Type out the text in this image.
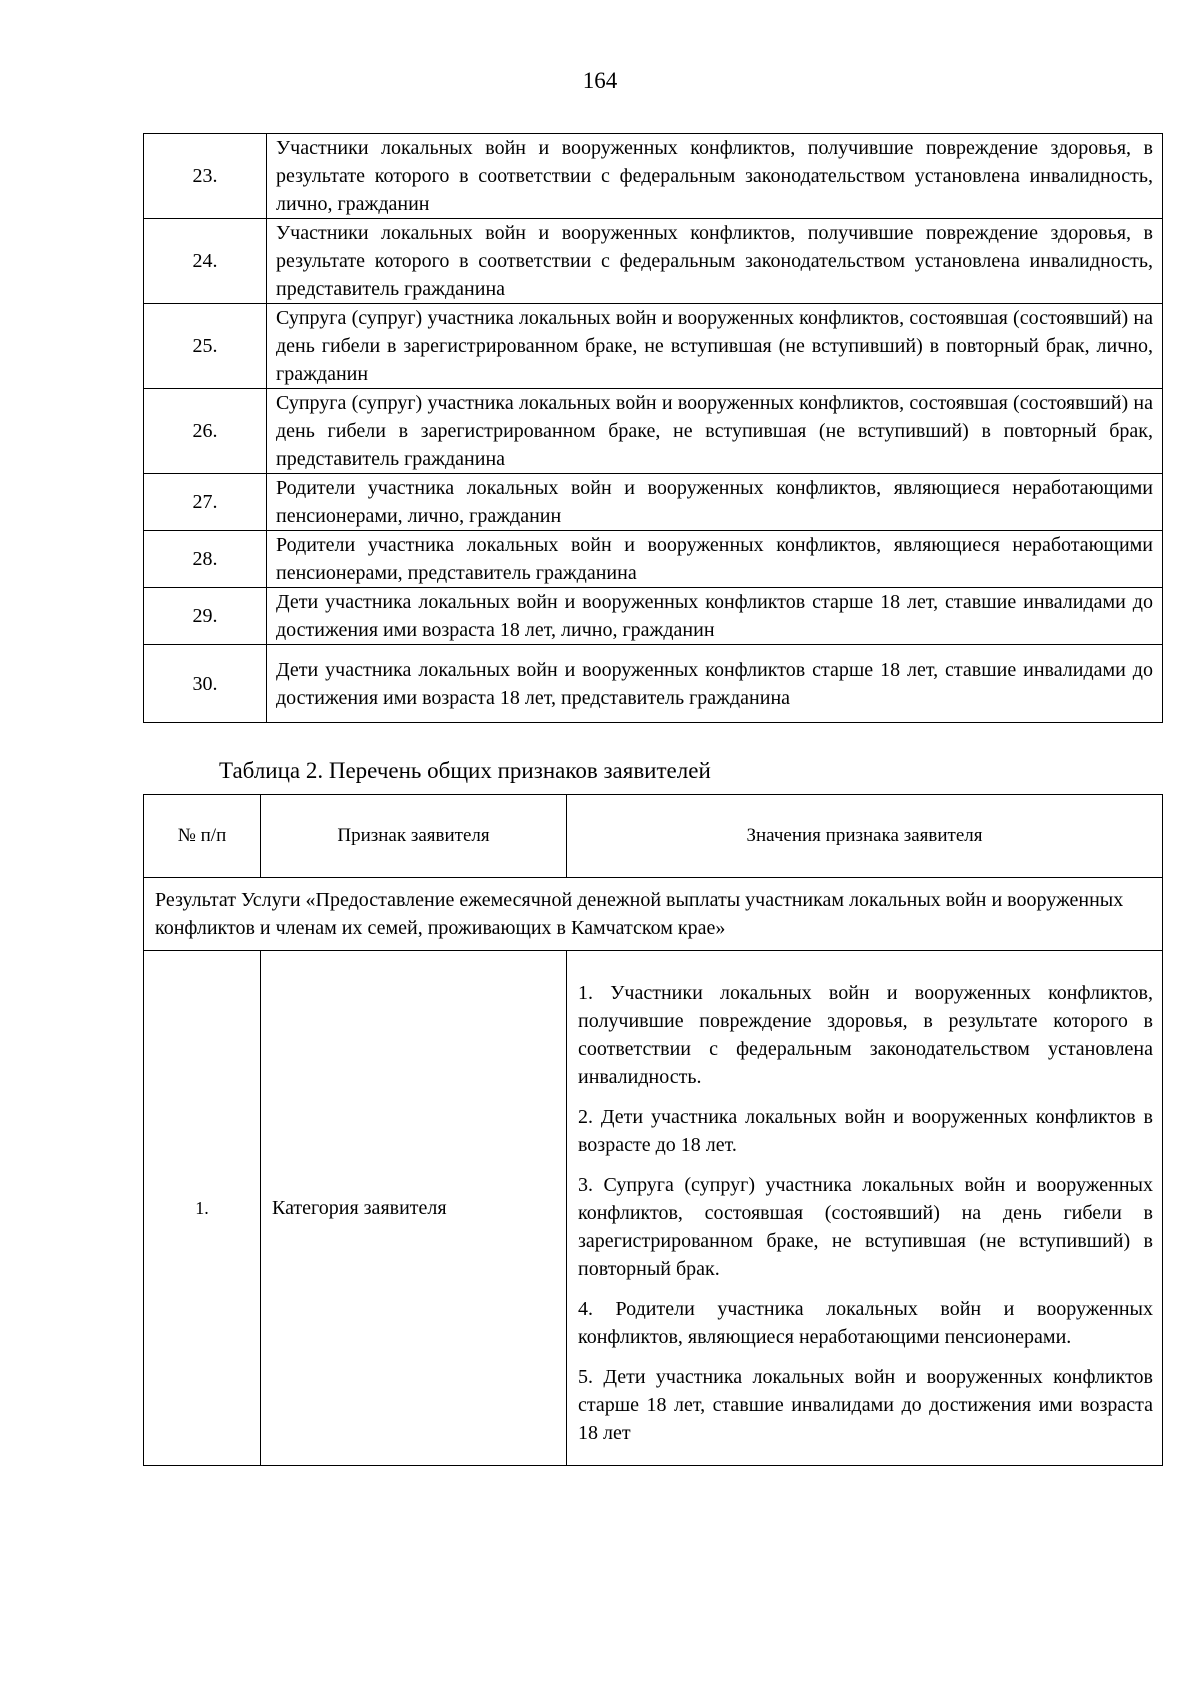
164
23.	Участники локальных войн и вооруженных конфликтов, получившие повреждение здоровья, в результате которого в соответствии с федеральным законодательством установлена инвалидность, лично, гражданин
24.	Участники локальных войн и вооруженных конфликтов, получившие повреждение здоровья, в результате которого в соответствии с федеральным законодательством установлена инвалидность, представитель гражданина
25.	Супруга (супруг) участника локальных войн и вооруженных конфликтов, состоявшая (состоявший) на день гибели в зарегистрированном браке, не вступившая (не вступивший) в повторный брак, лично, гражданин
26.	Супруга (супруг) участника локальных войн и вооруженных конфликтов, состоявшая (состоявший) на день гибели в зарегистрированном браке, не вступившая (не вступивший) в повторный брак, представитель гражданина
27.	Родители участника локальных войн и вооруженных конфликтов, являющиеся неработающими пенсионерами, лично, гражданин
28.	Родители участника локальных войн и вооруженных конфликтов, являющиеся неработающими пенсионерами, представитель гражданина
29.	Дети участника локальных войн и вооруженных конфликтов старше 18 лет, ставшие инвалидами до достижения ими возраста 18 лет, лично, гражданин
30.	Дети участника локальных войн и вооруженных конфликтов старше 18 лет, ставшие инвалидами до достижения ими возраста 18 лет, представитель гражданина
Таблица 2. Перечень общих признаков заявителей
№ п/п	Признак заявителя	Значения признака заявителя
Результат Услуги «Предоставление ежемесячной денежной выплаты участникам локальных войн и вооруженных конфликтов и членам их семей, проживающих в Камчатском крае»		
1.	Категория заявителя	1. Участники локальных войн и вооруженных конфликтов, получившие повреждение здоровья, в результате которого в соответствии с федеральным законодательством установлена инвалидность.
2. Дети участника локальных войн и вооруженных конфликтов в возрасте до 18 лет.
3. Супруга (супруг) участника локальных войн и вооруженных конфликтов, состоявшая (состоявший) на день гибели в зарегистрированном браке, не вступившая (не вступивший) в повторный брак.
4. Родители участника локальных войн и вооруженных конфликтов, являющиеся неработающими пенсионерами.
5. Дети участника локальных войн и вооруженных конфликтов старше 18 лет, ставшие инвалидами до достижения ими возраста 18 лет
